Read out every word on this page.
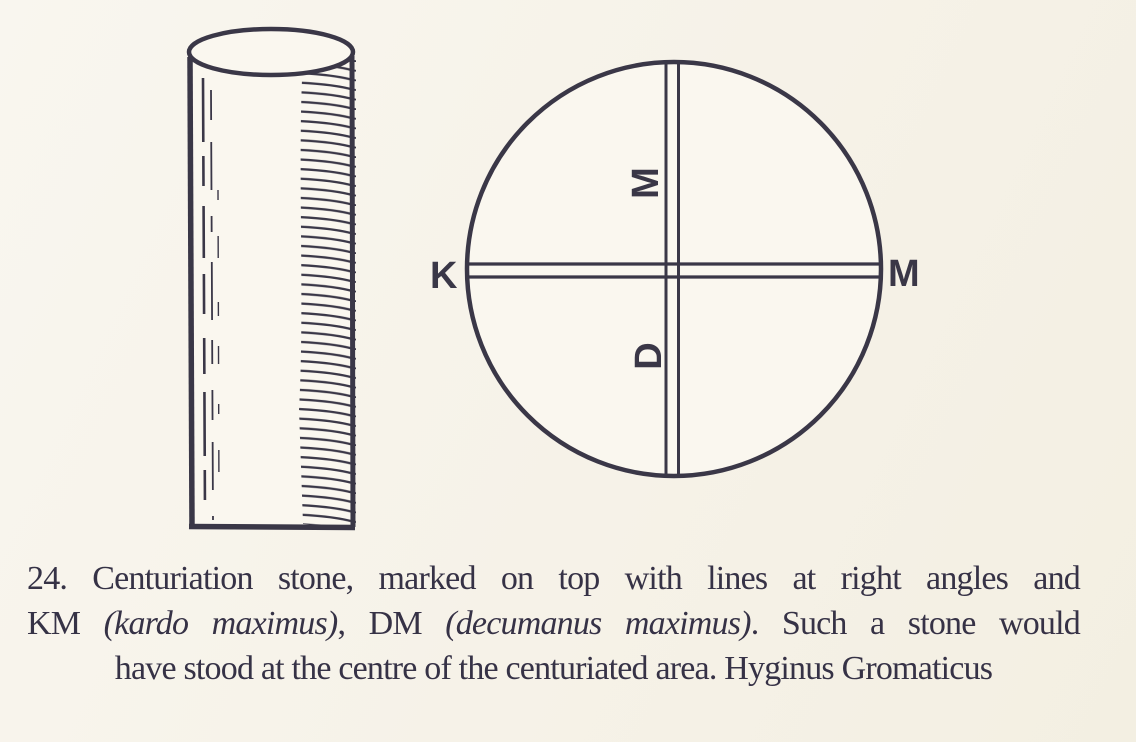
K	M
M
D
24. Centuriation stone, marked on top with lines at right angles and
KM (kardo maximus), DM (decumanus maximus). Such a stone would
have stood at the centre of the centuriated area. Hyginus Gromaticus
